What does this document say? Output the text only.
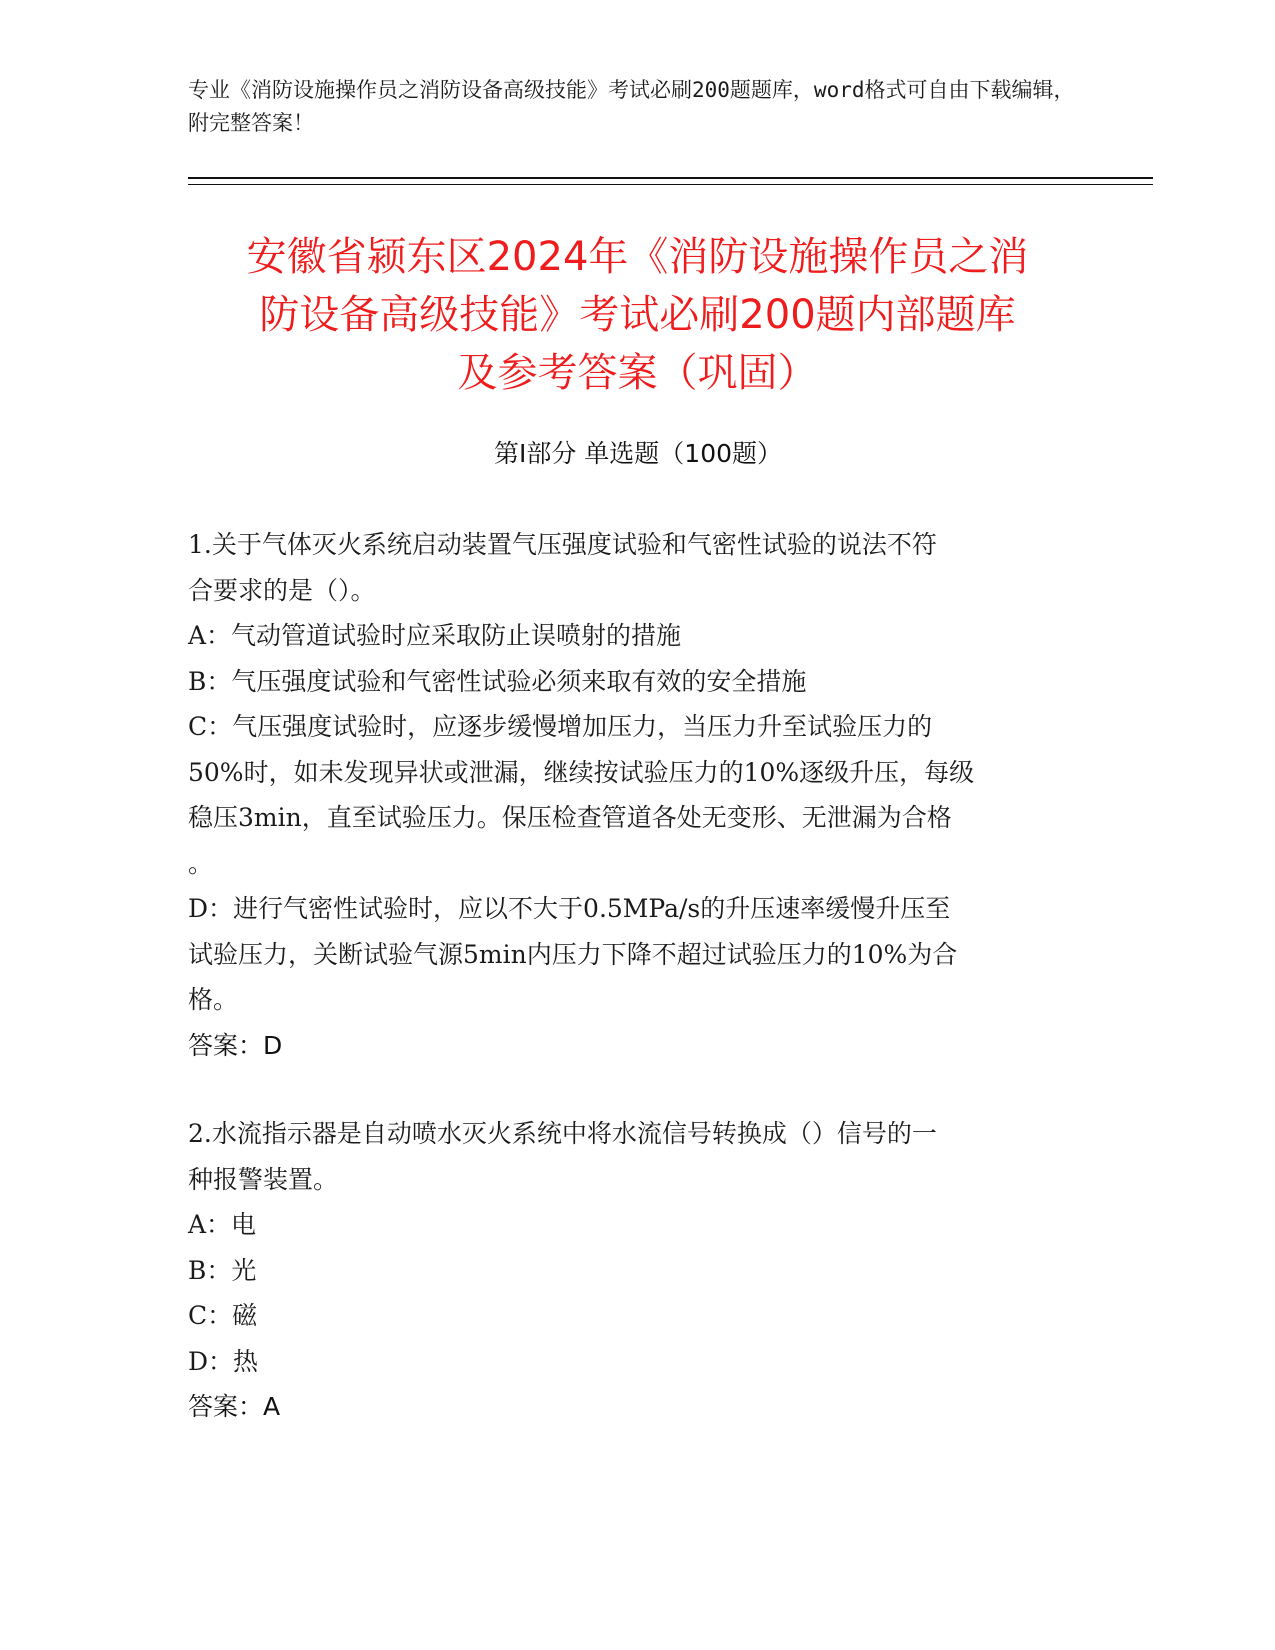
专业《消防设施操作员之消防设备高级技能》考试必刷200题题库，word格式可自由下载编辑，附完整答案！
安徽省颍东区2024年《消防设施操作员之消
防设备高级技能》考试必刷200题内部题库
及参考答案（巩固）
第Ⅰ部分 单选题（100题）
1.关于气体灭火系统启动装置气压强度试验和气密性试验的说法不符
合要求的是（）。
A：气动管道试验时应采取防止误喷射的措施
B：气压强度试验和气密性试验必须来取有效的安全措施
C：气压强度试验时，应逐步缓慢增加压力，当压力升至试验压力的
50%时，如未发现异状或泄漏，继续按试验压力的10%逐级升压，每级
稳压3min，直至试验压力。保压检查管道各处无变形、无泄漏为合格
。
D：进行气密性试验时，应以不大于0.5MPa/s的升压速率缓慢升压至
试验压力，关断试验气源5min内压力下降不超过试验压力的10%为合
格。
答案：D
2.水流指示器是自动喷水灭火系统中将水流信号转换成（）信号的一
种报警装置。
A：电
B：光
C：磁
D：热
答案：A
